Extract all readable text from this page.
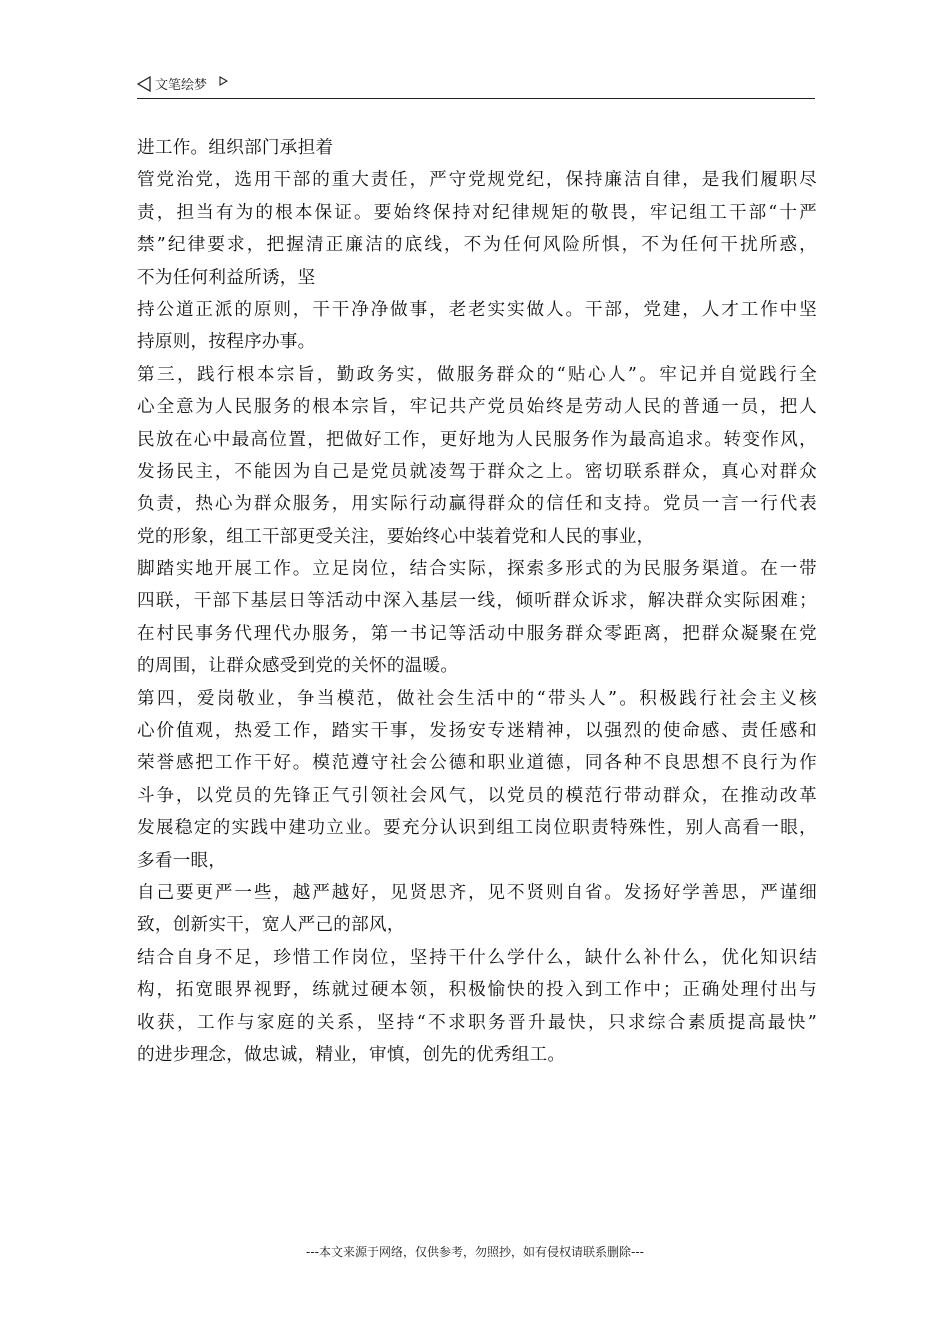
文笔绘梦
进工作。组织部门承担着
管党治党，选用干部的重大责任，严守党规党纪，保持廉洁自律，是我们履职尽
责，担当有为的根本保证。要始终保持对纪律规矩的敬畏，牢记组工干部“十严
禁”纪律要求，把握清正廉洁的底线，不为任何风险所惧，不为任何干扰所惑，
不为任何利益所诱，坚
持公道正派的原则，干干净净做事，老老实实做人。干部，党建，人才工作中坚
持原则，按程序办事。
第三，践行根本宗旨，勤政务实，做服务群众的“贴心人”。牢记并自觉践行全
心全意为人民服务的根本宗旨，牢记共产党员始终是劳动人民的普通一员，把人
民放在心中最高位置，把做好工作，更好地为人民服务作为最高追求。转变作风，
发扬民主，不能因为自己是党员就凌驾于群众之上。密切联系群众，真心对群众
负责，热心为群众服务，用实际行动赢得群众的信任和支持。党员一言一行代表
党的形象，组工干部更受关注，要始终心中装着党和人民的事业，
脚踏实地开展工作。立足岗位，结合实际，探索多形式的为民服务渠道。在一带
四联，干部下基层日等活动中深入基层一线，倾听群众诉求，解决群众实际困难；
在村民事务代理代办服务，第一书记等活动中服务群众零距离，把群众凝聚在党
的周围，让群众感受到党的关怀的温暖。
第四，爱岗敬业，争当模范，做社会生活中的“带头人”。积极践行社会主义核
心价值观，热爱工作，踏实干事，发扬安专迷精神，以强烈的使命感、责任感和
荣誉感把工作干好。模范遵守社会公德和职业道德，同各种不良思想不良行为作
斗争，以党员的先锋正气引领社会风气，以党员的模范行带动群众，在推动改革
发展稳定的实践中建功立业。要充分认识到组工岗位职责特殊性，别人高看一眼，
多看一眼，
自己要更严一些，越严越好，见贤思齐，见不贤则自省。发扬好学善思，严谨细
致，创新实干，宽人严己的部风，
结合自身不足，珍惜工作岗位，坚持干什么学什么，缺什么补什么，优化知识结
构，拓宽眼界视野，练就过硬本领，积极愉快的投入到工作中；正确处理付出与
收获，工作与家庭的关系，坚持“不求职务晋升最快，只求综合素质提高最快”
的进步理念，做忠诚，精业，审慎，创先的优秀组工。
---本文来源于网络，仅供参考，勿照抄，如有侵权请联系删除---
